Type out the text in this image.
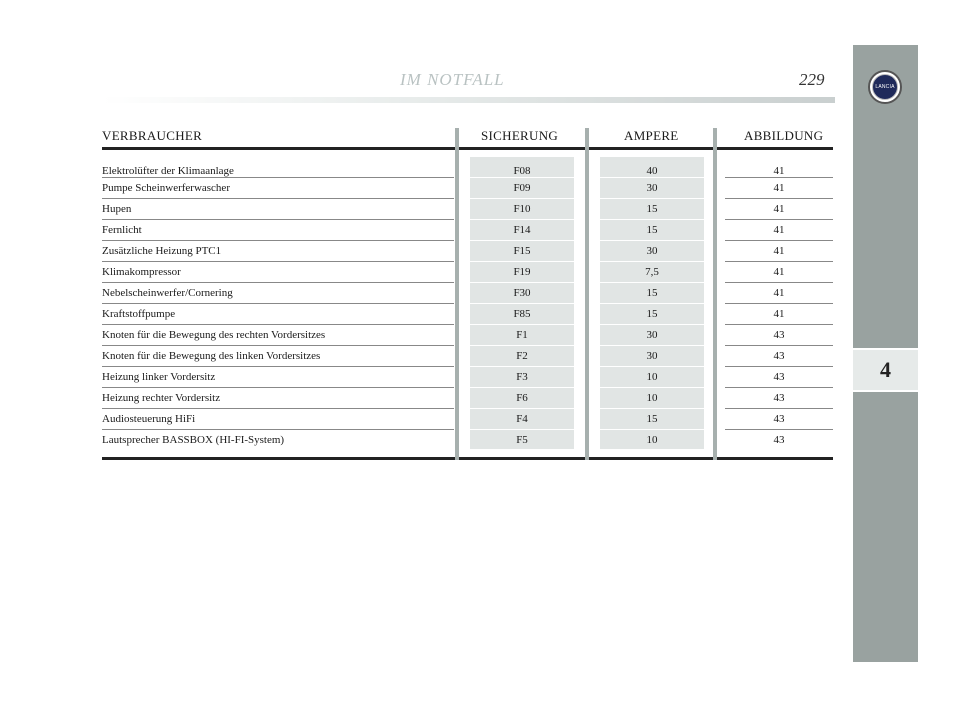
IM NOTFALL	229	LANCIA
4
VERBRAUCHER	SICHERUNG	AMPERE	ABBILDUNG
Elektrolüfter der Klimaanlage	F08	40	41
Pumpe Scheinwerferwascher	F09	30	41
Hupen	F10	15	41
Fernlicht	F14	15	41
Zusätzliche Heizung PTC1	F15	30	41
Klimakompressor	F19	7,5	41
Nebelscheinwerfer/Cornering	F30	15	41
Kraftstoffpumpe	F85	15	41
Knoten für die Bewegung des rechten Vordersitzes	F1	30	43
Knoten für die Bewegung des linken Vordersitzes	F2	30	43
Heizung linker Vordersitz	F3	10	43
Heizung rechter Vordersitz	F6	10	43
Audiosteuerung HiFi	F4	15	43
Lautsprecher BASSBOX (HI-FI-System)	F5	10	43
